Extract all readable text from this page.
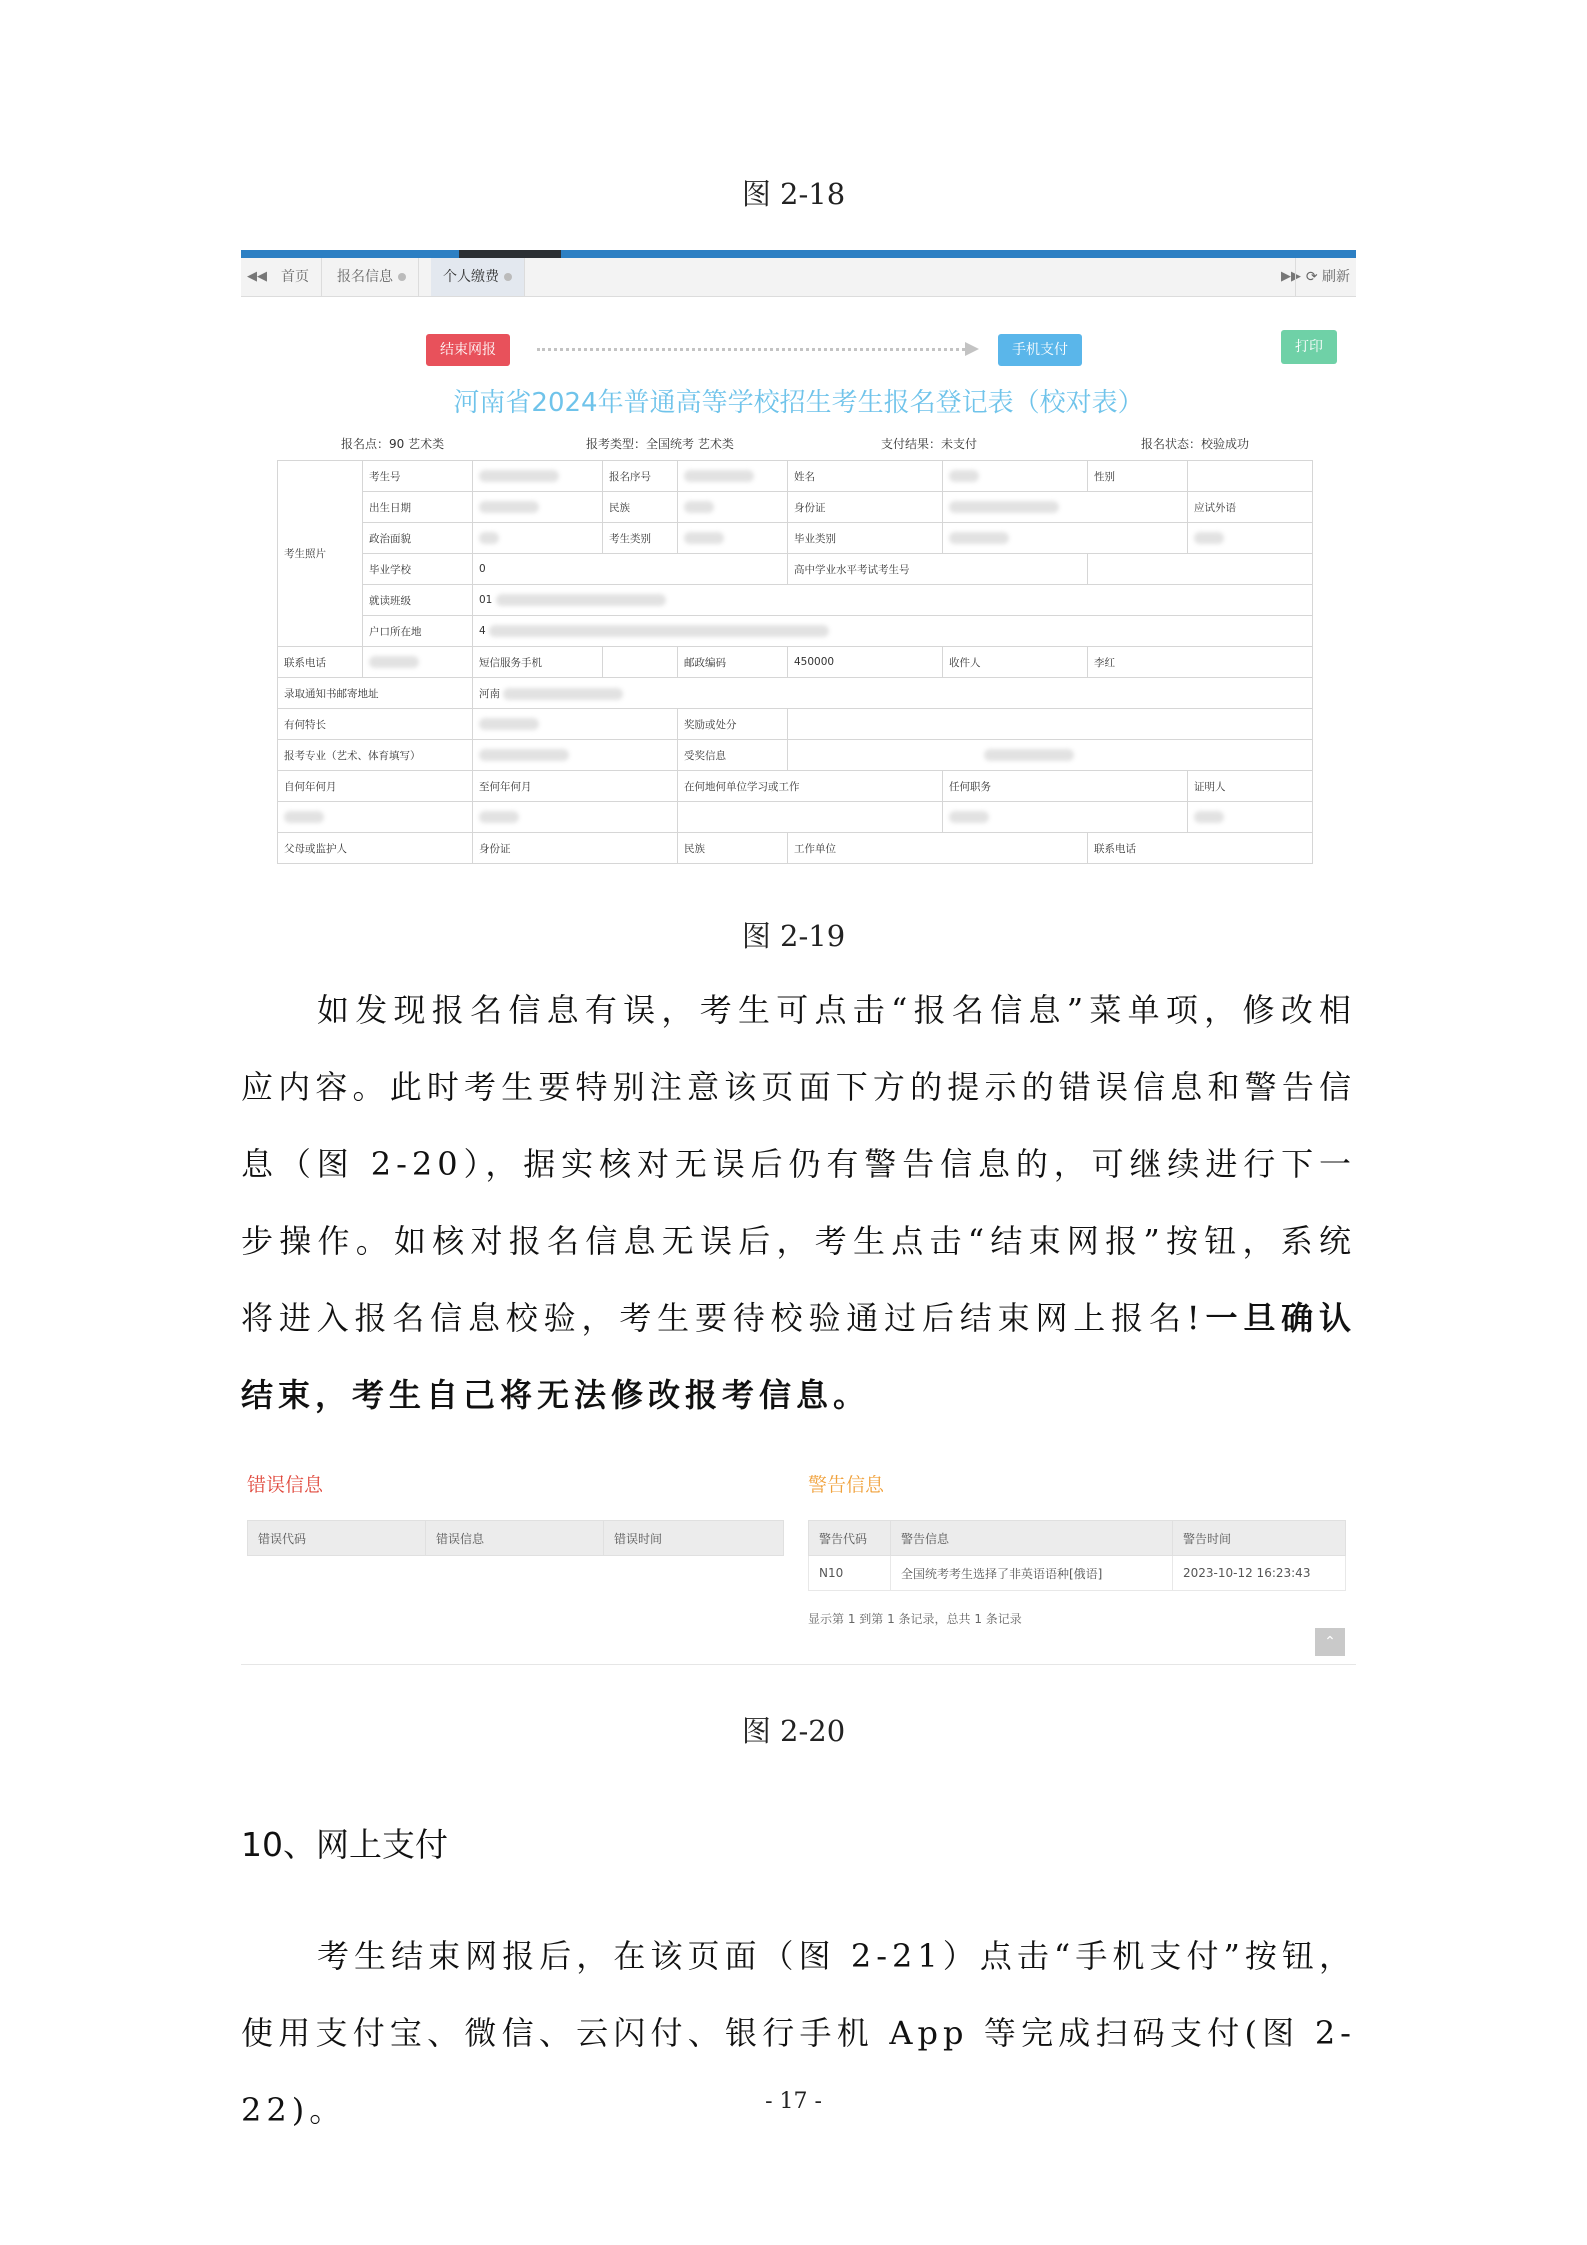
图 2-18
◀◀	首页	报名信息	个人缴费	▶▶ ⟳ 刷新
结束网报	手机支付	打印
河南省2024年普通高等学校招生考生报名登记表（校对表）
报名点：90 艺术类	报考类型：全国统考 艺术类	支付结果：未支付	报名状态：校验成功
考生照片	考生号		报名序号		姓名		性别	
	出生日期		民族		身份证			应试外语
	政治面貌		考生类别		毕业类别			
	毕业学校	0			高中学业水平考试考生号			
	就读班级	01						
	户口所在地	4						
联系电话		短信服务手机		邮政编码	450000	收件人	李红	
录取通知书邮寄地址		河南						
有何特长				奖励或处分				
报考专业（艺术、体育填写）				受奖信息				
自何年何月		至何年何月		在何地何单位学习或工作		任何职务		证明人

父母或监护人		身份证		民族	工作单位		联系电话	
图 2-19
如发现报名信息有误，考生可点击“报名信息”菜单项，修改相应内容。此时考生要特别注意该页面下方的提示的错误信息和警告信息（图 2-20），据实核对无误后仍有警告信息的，可继续进行下一步操作。如核对报名信息无误后，考生点击“结束网报”按钮，系统将进入报名信息校验，考生要待校验通过后结束网上报名!一旦确认结束，考生自己将无法修改报考信息。
错误信息
错误代码	错误信息	错误时间
警告信息
警告代码	警告信息	警告时间
N10	全国统考考生选择了非英语语种[俄语]	2023-10-12 16:23:43
显示第 1 到第 1 条记录，总共 1 条记录
⌃
图 2-20
10、网上支付
考生结束网报后，在该页面（图 2-21）点击“手机支付”按钮，使用支付宝、微信、云闪付、银行手机 App 等完成扫码支付(图 2-22)。	- 17 -
